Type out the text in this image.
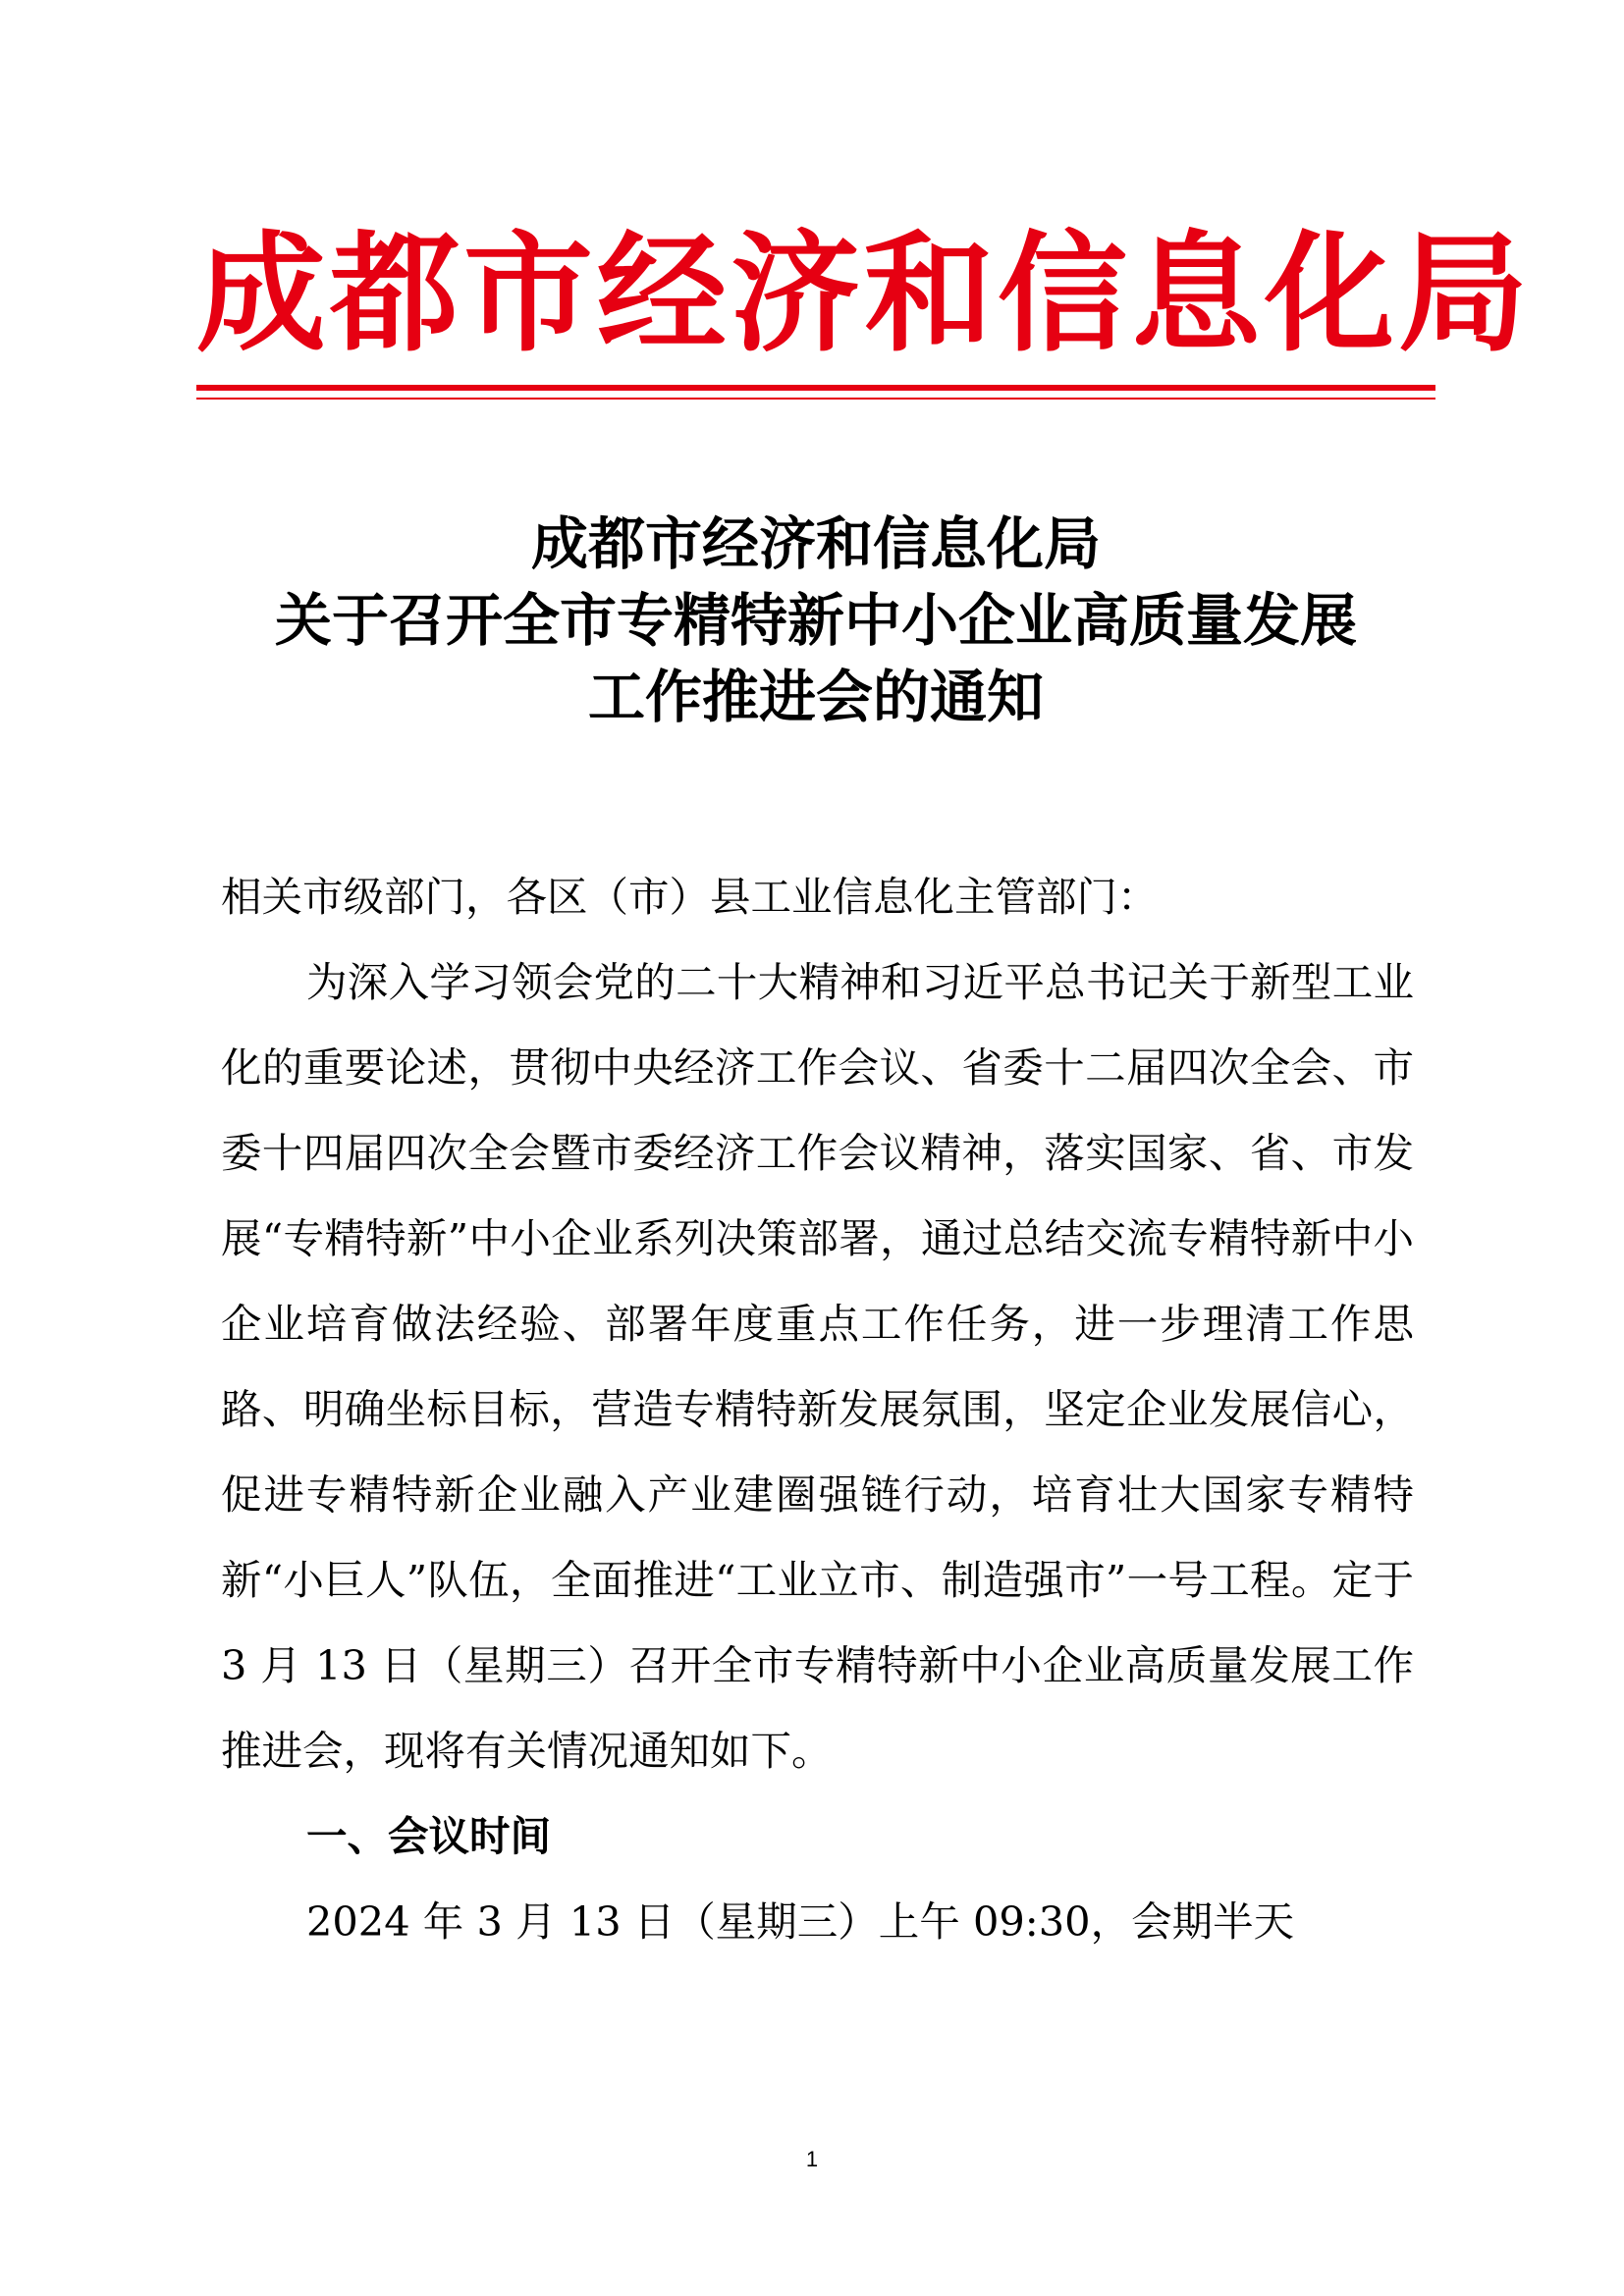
成都市经济和信息化局
成都市经济和信息化局
关于召开全市专精特新中小企业高质量发展
工作推进会的通知
相关市级部门，各区（市）县工业信息化主管部门：
为深入学习领会党的二十大精神和习近平总书记关于新型工业化的重要论述，贯彻中央经济工作会议、省委十二届四次全会、市委十四届四次全会暨市委经济工作会议精神，落实国家、省、市发展“专精特新”中小企业系列决策部署，通过总结交流专精特新中小企业培育做法经验、部署年度重点工作任务，进一步理清工作思路、明确坐标目标，营造专精特新发展氛围，坚定企业发展信心，促进专精特新企业融入产业建圈强链行动，培育壮大国家专精特新“小巨人”队伍，全面推进“工业立市、制造强市”一号工程。定于 3 月 13 日（星期三）召开全市专精特新中小企业高质量发展工作推进会，现将有关情况通知如下。
一、会议时间
2024 年 3 月 13 日（星期三）上午 09:30，会期半天
1
